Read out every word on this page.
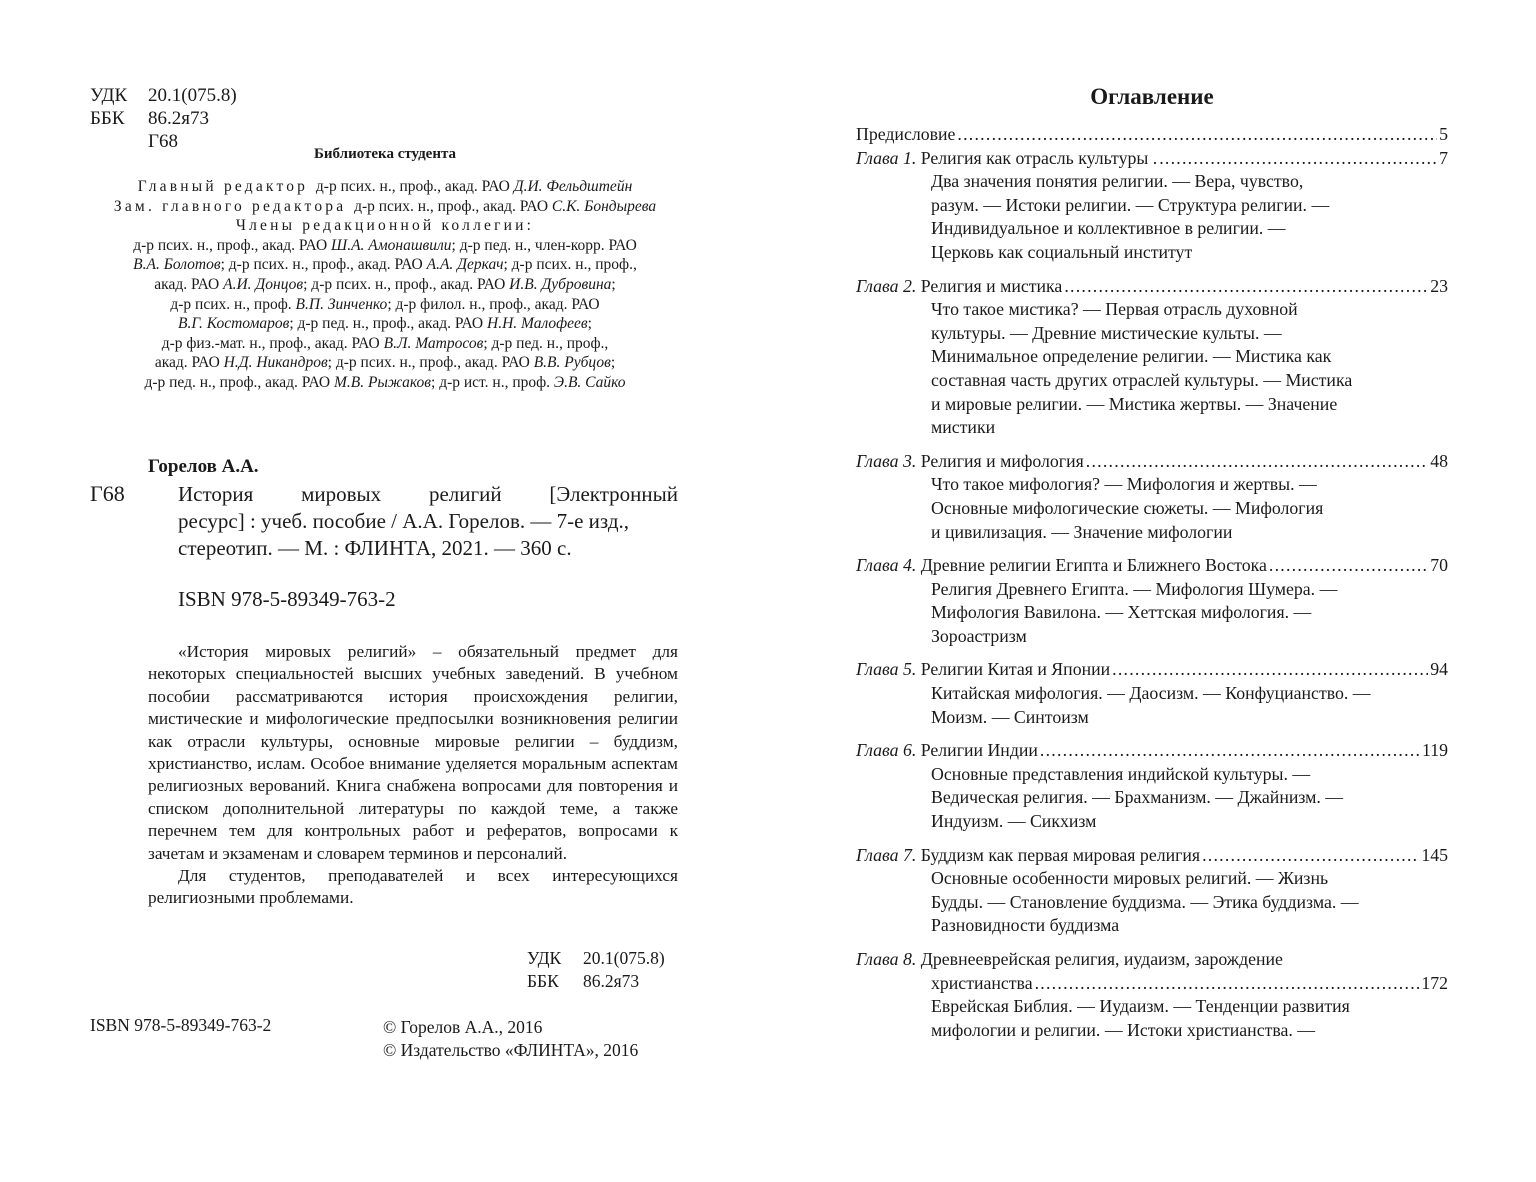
УДК	20.1(075.8)
ББК	86.2я73
Г68
Библиотека студента
Главный редактор д-р псих. н., проф., акад. РАО Д.И. Фельдштейн
Зам. главного редактора д-р псих. н., проф., акад. РАО С.К. Бондырева
Члены редакционной коллегии:
д-р псих. н., проф., акад. РАО Ш.А. Амонашвили; д-р пед. н., член-корр. РАО
В.А. Болотов; д-р псих. н., проф., акад. РАО А.А. Деркач; д-р псих. н., проф.,
акад. РАО А.И. Донцов; д-р псих. н., проф., акад. РАО И.В. Дубровина;
д-р псих. н., проф. В.П. Зинченко; д-р филол. н., проф., акад. РАО
В.Г. Костомаров; д-р пед. н., проф., акад. РАО Н.Н. Малофеев;
д-р физ.-мат. н., проф., акад. РАО В.Л. Матросов; д-р пед. н., проф.,
акад. РАО Н.Д. Никандров; д-р псих. н., проф., акад. РАО В.В. Рубцов;
д-р пед. н., проф., акад. РАО М.В. Рыжаков; д-р ист. н., проф. Э.В. Сайко
Горелов А.А.
Г68	История мировых религий [Электронный
ресурс] : учеб. пособие / А.А. Горелов. — 7-е изд.,
стереотип. — М. : ФЛИНТА, 2021. — 360 с.
ISBN 978-5-89349-763-2

«История мировых религий» – обязательный предмет для некоторых специальностей высших учебных заведений. В учебном пособии рассматриваются история происхождения религии, мистические и мифологические предпосылки возникновения религии как отрасли культуры, основные мировые религии – буддизм, христианство, ислам. Особое внимание уделяется моральным аспектам религиозных верований. Книга снабжена вопросами для повторения и списком дополнительной литературы по каждой теме, а также перечнем тем для контрольных работ и рефератов, вопросами к зачетам и экзаменам и словарем терминов и персоналий.

Для студентов, преподавателей и всех интересующихся религиозными проблемами.

УДК	20.1(075.8)
ББК	86.2я73
ISBN 978-5-89349-763-2	© Горелов А.А., 2016
© Издательство «ФЛИНТА», 2016
Оглавление
Предисловие . . .	5
Глава 1. Религия как отрасль культуры . . . .	7
Два значения понятия религии. — Вера, чувство,
разум. — Истоки религии. — Структура религии. —
Индивидуальное и коллективное в религии. —
Церковь как социальный институт
Глава 2. Религия и мистика . . .	23
Что такое мистика? — Первая отрасль духовной
культуры. — Древние мистические культы. —
Минимальное определение религии. — Мистика как
составная часть других отраслей культуры. — Мистика
и мировые религии. — Мистика жертвы. — Значение
мистики
Глава 3. Религия и мифология . . .	48
Что такое мифология? — Мифология и жертвы. —
Основные мифологические сюжеты. — Мифология
и цивилизация. — Значение мифологии
Глава 4. Древние религии Египта и Ближнего Востока . . .	70
Религия Древнего Египта. — Мифология Шумера. —
Мифология Вавилона. — Хеттская мифология. —
Зороастризм
Глава 5. Религии Китая и Японии . . .	94
Китайская мифология. — Даосизм. — Конфуцианство. —
Моизм. — Синтоизм
Глава 6. Религии Индии . . .	119
Основные представления индийской культуры. —
Ведическая религия. — Брахманизм. — Джайнизм. —
Индуизм. — Сикхизм
Глава 7. Буддизм как первая мировая религия . . .	145
Основные особенности мировых религий. — Жизнь
Будды. — Становление буддизма. — Этика буддизма. —
Разновидности буддизма
Глава 8. Древнееврейская религия, иудаизм, зарождение
христианства . . .	172
Еврейская Библия. — Иудаизм. — Тенденции развития
мифологии и религии. — Истоки христианства. —
